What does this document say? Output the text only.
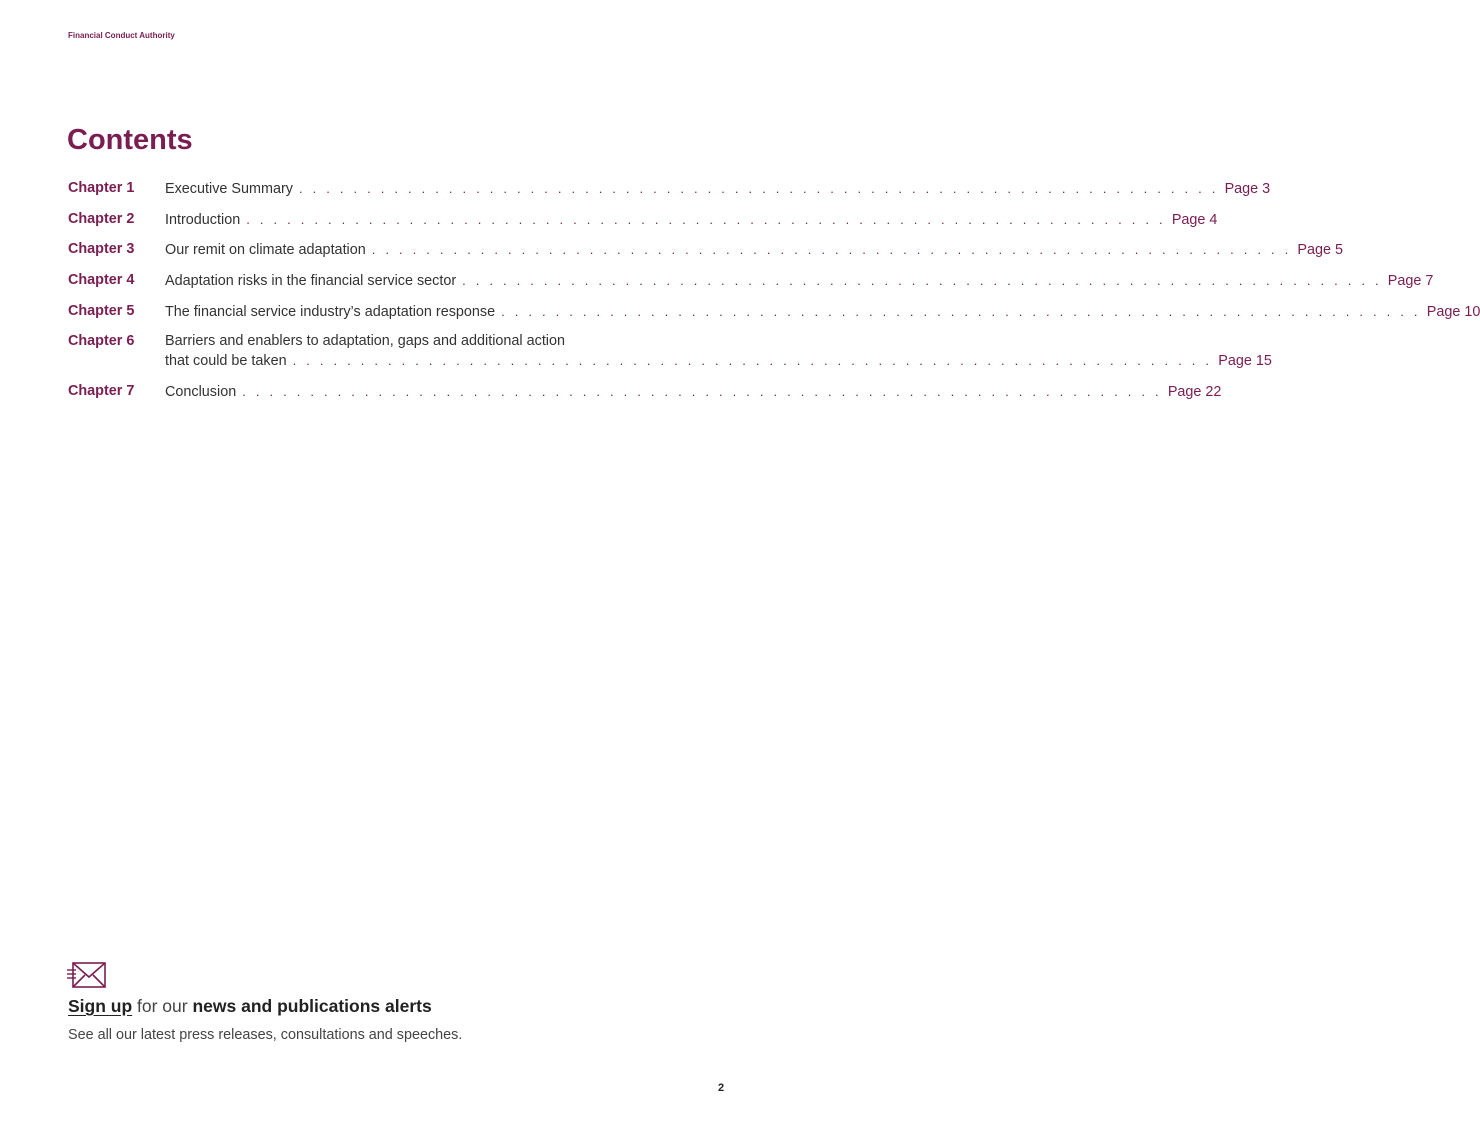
Financial Conduct Authority
Contents
Chapter 1 Executive Summary . . . . . . . . . . . . . . . . . . . . . . . . . . . . . . . . . . . . . . . . . . . . . . . . . . . . . . . . . . . . . . . . . . . . Page 3
Chapter 2 Introduction . . . . . . . . . . . . . . . . . . . . . . . . . . . . . . . . . . . . . . . . . . . . . . . . . . . . . . . . . . . . . . . . . . . . Page 4
Chapter 3 Our remit on climate adaptation . . . . . . . . . . . . . . . . . . . . . . . . . . . . . . . . . . . . . . . . . . . . . . . . . . . . . . . . . . . . . . . . . . . . Page 5
Chapter 4 Adaptation risks in the financial service sector . . . . . . . . . . . . . . . . . . . . . . . . . . . . . . . . . . . . . . . . . . . . . . . . . . . . . . . . . . . . . . . . . . . . Page 7
Chapter 5 The financial service industry’s adaptation response . . . . . . . . . . . . . . . . . . . . . . . . . . . . . . . . . . . . . . . . . . . . . . . . . . . . . . . . . . . . . . . . . . . . Page 10
Chapter 6 Barriers and enablers to adaptation, gaps and additional action
that could be taken . . . . . . . . . . . . . . . . . . . . . . . . . . . . . . . . . . . . . . . . . . . . . . . . . . . . . . . . . . . . . . . . . . . . Page 15
Chapter 7 Conclusion . . . . . . . . . . . . . . . . . . . . . . . . . . . . . . . . . . . . . . . . . . . . . . . . . . . . . . . . . . . . . . . . . . . . Page 22
Sign up for our news and publications alerts
See all our latest press releases, consultations and speeches.
2
